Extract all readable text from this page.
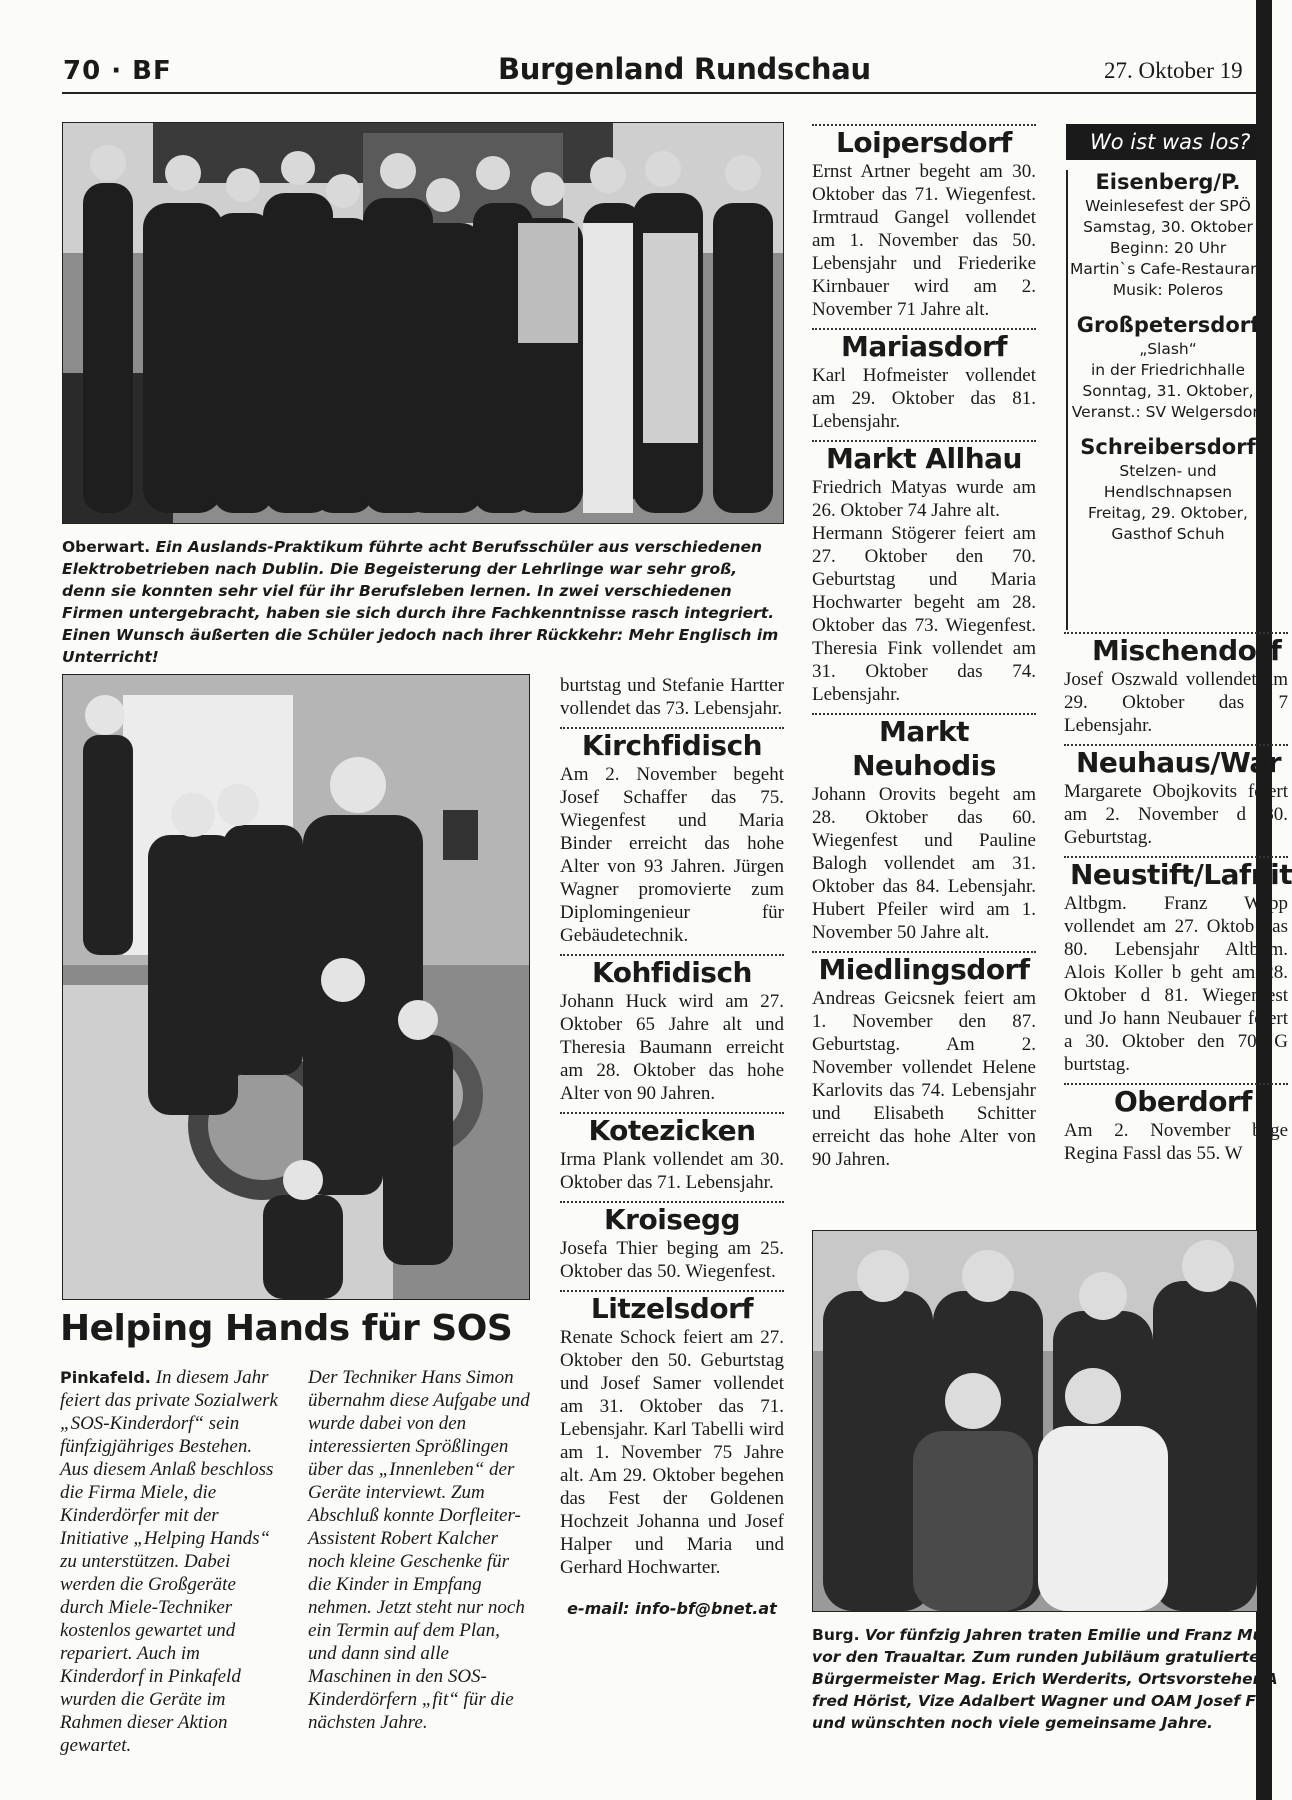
70 · BF	Burgenland Rundschau	27. Oktober 19

Oberwart. Ein Auslands-Praktikum führte acht Berufsschüler aus verschiedenen Elektrobetrieben nach Dublin. Die Begeisterung der Lehrlinge war sehr groß, denn sie konnten sehr viel für ihr Berufsleben lernen. In zwei verschiedenen Firmen untergebracht, haben sie sich durch ihre Fachkenntnisse rasch integriert. Einen Wunsch äußerten die Schüler jedoch nach ihrer Rückkehr: Mehr Englisch im Unterricht!

Helping Hands für SOS

Pinkafeld. In diesem Jahr feiert das private Sozialwerk „SOS-Kinderdorf“ sein fünfzigjähriges Bestehen. Aus diesem Anlaß beschloss die Firma Miele, die Kinderdörfer mit der Initiative „Helping Hands“ zu unterstützen. Dabei werden die Großgeräte durch Miele-Techniker kostenlos gewartet und repariert. Auch im Kinderdorf in Pinkafeld wurden die Geräte im Rahmen dieser Aktion gewartet.

Der Techniker Hans Simon übernahm diese Aufgabe und wurde dabei von den interessierten Sprößlingen über das „Innenleben“ der Geräte interviewt. Zum Abschluß konnte Dorfleiter-Assistent Robert Kalcher noch kleine Geschenke für die Kinder in Empfang nehmen. Jetzt steht nur noch ein Termin auf dem Plan, und dann sind alle Maschinen in den SOS-Kinderdörfern „fit“ für die nächsten Jahre.

burtstag und Stefanie Hartter vollendet das 73. Lebensjahr.

Kirchfidisch

Am 2. November begeht Josef Schaffer das 75. Wiegenfest und Maria Binder erreicht das hohe Alter von 93 Jahren. Jürgen Wagner promovierte zum Diplomingenieur für Gebäudetechnik.

Kohfidisch

Johann Huck wird am 27. Oktober 65 Jahre alt und Theresia Baumann erreicht am 28. Oktober das hohe Alter von 90 Jahren.

Kotezicken

Irma Plank vollendet am 30. Oktober das 71. Lebensjahr.

Kroisegg

Josefa Thier beging am 25. Oktober das 50. Wiegenfest.

Litzelsdorf

Renate Schock feiert am 27. Oktober den 50. Geburtstag und Josef Samer vollendet am 31. Oktober das 71. Lebensjahr. Karl Tabelli wird am 1. November 75 Jahre alt. Am 29. Oktober begehen das Fest der Goldenen Hochzeit Johanna und Josef Halper und Maria und Gerhard Hochwarter.

e-mail: info-bf@bnet.at

Loipersdorf

Ernst Artner begeht am 30. Oktober das 71. Wiegenfest. Irmtraud Gangel vollendet am 1. November das 50. Lebensjahr und Friederike Kirnbauer wird am 2. November 71 Jahre alt.

Mariasdorf

Karl Hofmeister vollendet am 29. Oktober das 81. Lebensjahr.

Markt Allhau

Friedrich Matyas wurde am 26. Oktober 74 Jahre alt.
Hermann Stögerer feiert am 27. Oktober den 70. Geburtstag und Maria Hochwarter begeht am 28. Oktober das 73. Wiegenfest. Theresia Fink vollendet am 31. Oktober das 74. Lebensjahr.

Markt Neuhodis

Johann Orovits begeht am 28. Oktober das 60. Wiegenfest und Pauline Balogh vollendet am 31. Oktober das 84. Lebensjahr. Hubert Pfeiler wird am 1. November 50 Jahre alt.

Miedlingsdorf

Andreas Geicsnek feiert am 1. November den 87. Geburtstag. Am 2. November vollendet Helene Karlovits das 74. Lebensjahr und Elisabeth Schitter erreicht das hohe Alter von 90 Jahren.

Wo ist was los?
Eisenberg/P.
Weinlesefest der SPÖ
Samstag, 30. Oktober
Beginn: 20 Uhr
Martin`s Cafe-Restaurant
Musik: Poleros
Großpetersdorf
„Slash“
in der Friedrichhalle
Sonntag, 31. Oktober,
Veranst.: SV Welgersdorf
Schreibersdorf
Stelzen- und
Hendlschnapsen
Freitag, 29. Oktober,
Gasthof Schuh
Mischendorf

Josef Oszwald vollendet am 29. Oktober das 7 Lebensjahr.

Neuhaus/War

Margarete Obojkovits feiert am 2. November d 80. Geburtstag.

Neustift/Lafnit

Altbgm. Franz Wapp vollendet am 27. Oktob das 80. Lebensjahr Altbgm. Alois Koller b geht am 28. Oktober d 81. Wiegenfest und Jo hann Neubauer feiert a 30. Oktober den 70. G burtstag.

Oberdorf

Am 2. November bege Regina Fassl das 55. W

Burg. Vor fünfzig Jahren traten Emilie und Franz Mu vor den Traualtar. Zum runden Jubiläum gratulierte Bürgermeister Mag. Erich Werderits, Ortsvorsteher A fred Hörist, Vize Adalbert Wagner und OAM Josef F und wünschten noch viele gemeinsame Jahre.
